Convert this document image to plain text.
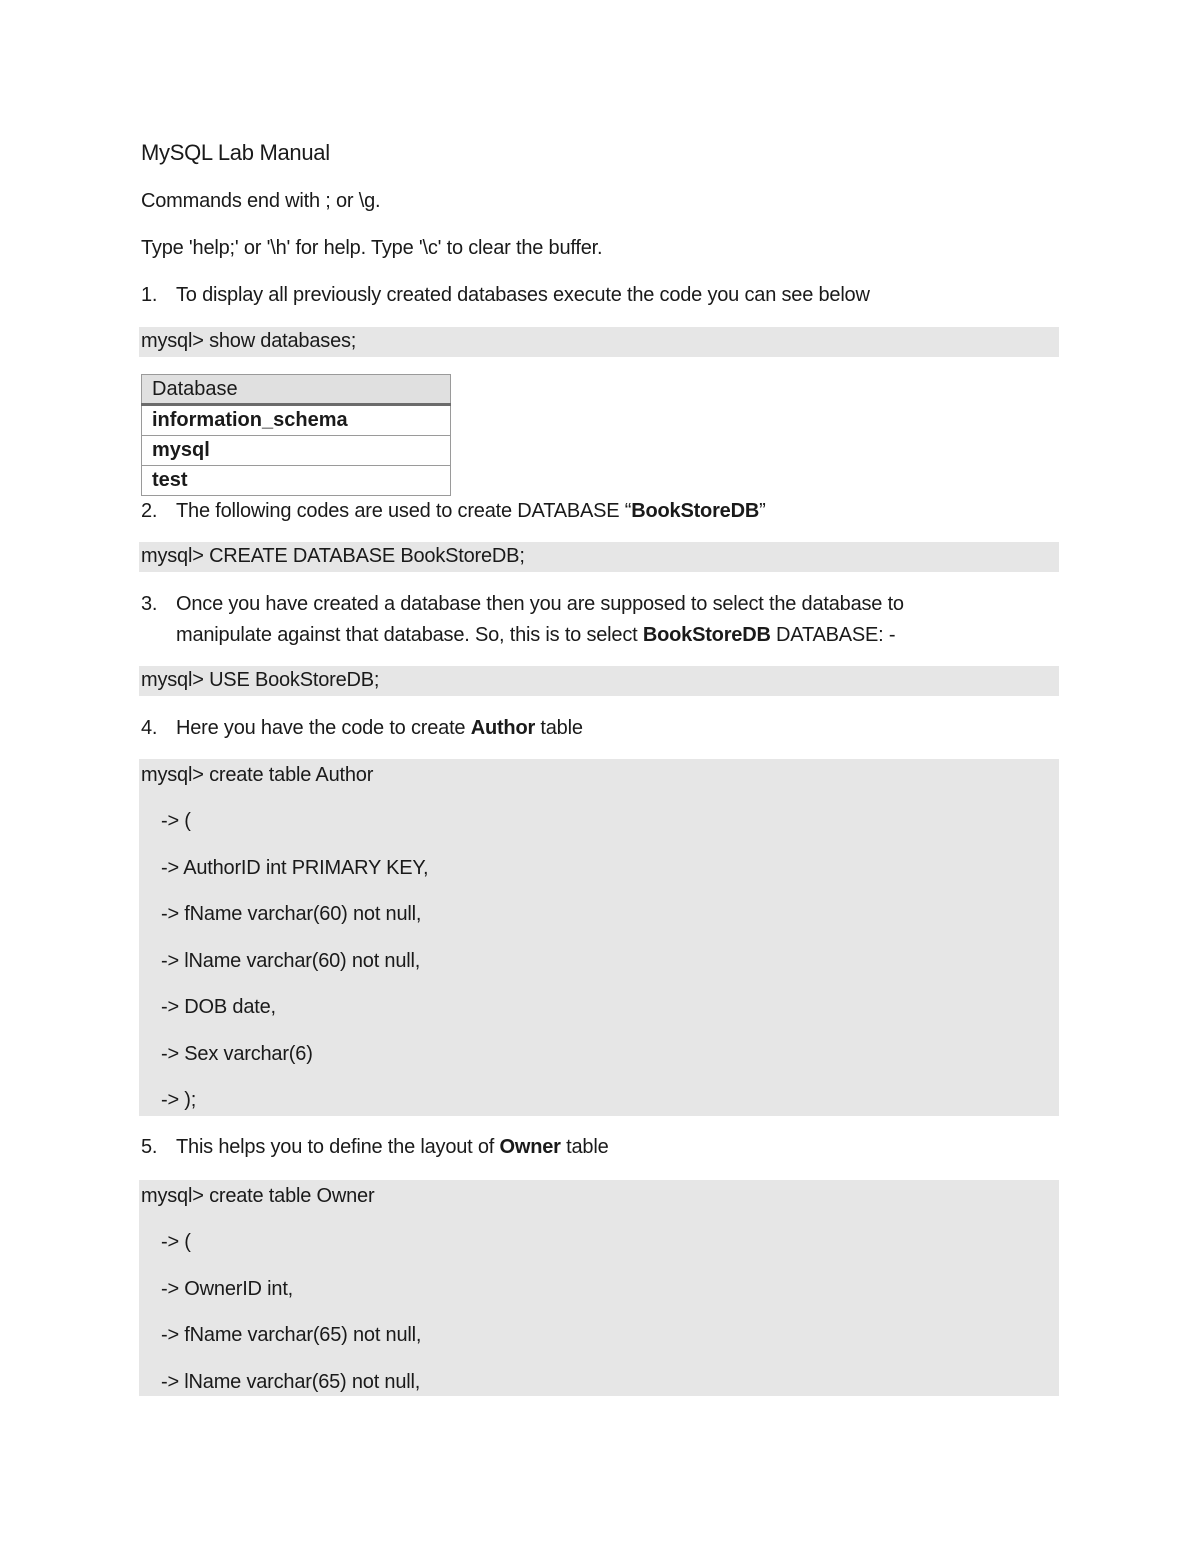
MySQL Lab Manual
Commands end with ; or \g.
Type 'help;' or '\h' for help. Type '\c' to clear the buffer.
1. To display all previously created databases execute the code you can see below
mysql> show databases;
Database
information_schema
mysql
test
2. The following codes are used to create DATABASE “BookStoreDB”
mysql> CREATE DATABASE BookStoreDB;
3. Once you have created a database then you are supposed to select the database to
manipulate against that database. So, this is to select BookStoreDB DATABASE: -
mysql> USE BookStoreDB;
4. Here you have the code to create Author table
mysql> create table Author
-> (
-> AuthorID int PRIMARY KEY,
-> fName varchar(60) not null,
-> lName varchar(60) not null,
-> DOB date,
-> Sex varchar(6)
-> );
5. This helps you to define the layout of Owner table
mysql> create table Owner
-> (
-> OwnerID int,
-> fName varchar(65) not null,
-> lName varchar(65) not null,
